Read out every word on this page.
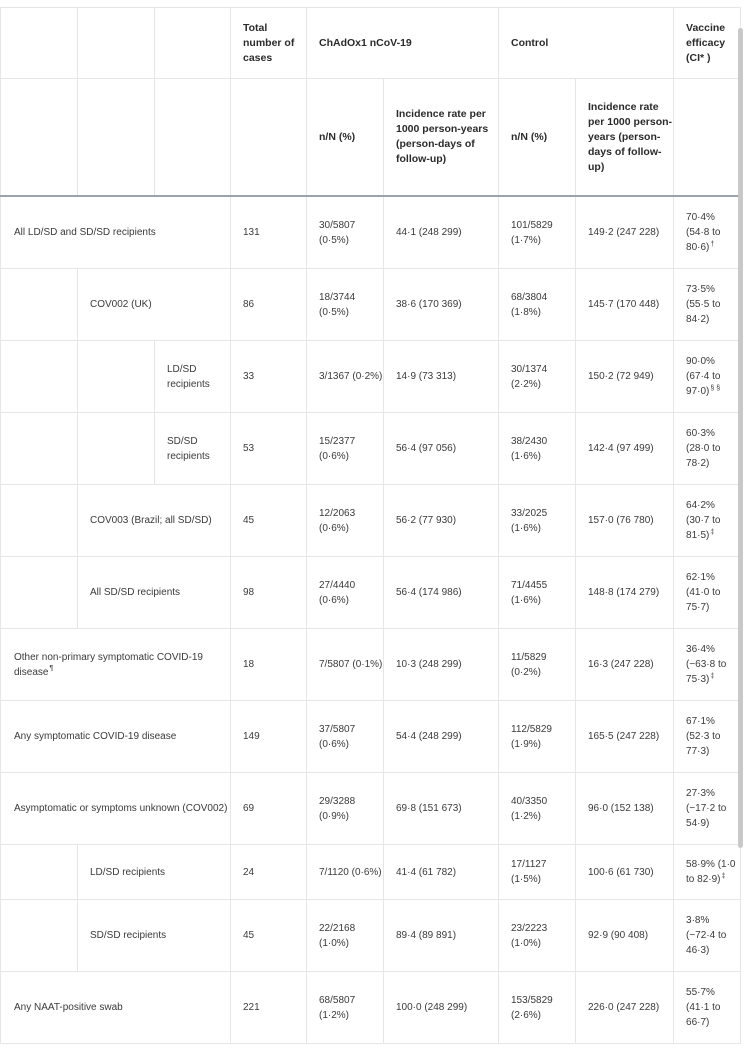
			Total number of cases	ChAdOx1 nCoV-19		Control		Vaccine efficacy (CI* )
				n/N (%)	Incidence rate per 1000 person-years (person-days of follow-up)	n/N (%)	Incidence rate per 1000 person-years (person-days of follow-up)	
All LD/SD and SD/SD recipients			131	30/5807 (0·5%)	44·1 (248 299)	101/5829 (1·7%)	149·2 (247 228)	70·4% (54·8 to 80·6)†
	COV002 (UK)		86	18/3744 (0·5%)	38·6 (170 369)	68/3804 (1·8%)	145·7 (170 448)	73·5% (55·5 to 84·2)
		LD/SD recipients	33	3/1367 (0·2%)	14·9 (73 313)	30/1374 (2·2%)	150·2 (72 949)	90·0% (67·4 to 97·0)§ §
		SD/SD recipients	53	15/2377 (0·6%)	56·4 (97 056)	38/2430 (1·6%)	142·4 (97 499)	60·3% (28·0 to 78·2)
	COV003 (Brazil; all SD/SD)		45	12/2063 (0·6%)	56·2 (77 930)	33/2025 (1·6%)	157·0 (76 780)	64·2% (30·7 to 81·5)‡
	All SD/SD recipients		98	27/4440 (0·6%)	56·4 (174 986)	71/4455 (1·6%)	148·8 (174 279)	62·1% (41·0 to 75·7)
Other non-primary symptomatic COVID-19 disease¶			18	7/5807 (0·1%)	10·3 (248 299)	11/5829 (0·2%)	16·3 (247 228)	36·4% (−63·8 to 75·3)‡
Any symptomatic COVID-19 disease			149	37/5807 (0·6%)	54·4 (248 299)	112/5829 (1·9%)	165·5 (247 228)	67·1% (52·3 to 77·3)
Asymptomatic or symptoms unknown (COV002)			69	29/3288 (0·9%)	69·8 (151 673)	40/3350 (1·2%)	96·0 (152 138)	27·3% (−17·2 to 54·9)
	LD/SD recipients		24	7/1120 (0·6%)	41·4 (61 782)	17/1127 (1·5%)	100·6 (61 730)	58·9% (1·0 to 82·9)‡
	SD/SD recipients		45	22/2168 (1·0%)	89·4 (89 891)	23/2223 (1·0%)	92·9 (90 408)	3·8% (−72·4 to 46·3)
Any NAAT-positive swab			221	68/5807 (1·2%)	100·0 (248 299)	153/5829 (2·6%)	226·0 (247 228)	55·7% (41·1 to 66·7)
